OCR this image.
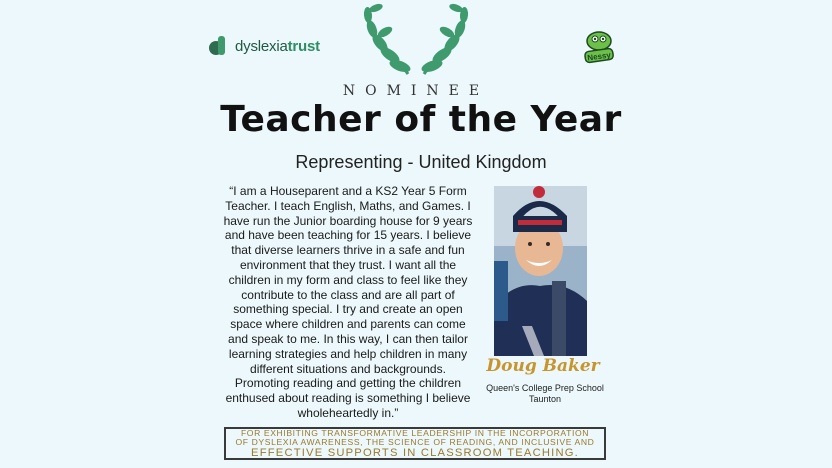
dyslexiatrust
Nessy
NOMINEE
Teacher of the Year
Representing - United Kingdom
“I am a Houseparent and a KS2 Year 5 Form Teacher. I teach English, Maths, and Games. I have run the Junior boarding house for 9 years and have been teaching for 15 years. I believe that diverse learners thrive in a safe and fun environment that they trust. I want all the children in my form and class to feel like they contribute to the class and are all part of something special. I try and create an open space where children and parents can come and speak to me. In this way, I can then tailor learning strategies and help children in many different situations and backgrounds. Promoting reading and getting the children enthused about reading is something I believe wholeheartedly in.”
Doug Baker
Queen's College Prep School
Taunton
FOR EXHIBITING TRANSFORMATIVE LEADERSHIP IN THE INCORPORATION
OF DYSLEXIA AWARENESS, THE SCIENCE OF READING, AND INCLUSIVE AND
EFFECTIVE SUPPORTS IN CLASSROOM TEACHING.
